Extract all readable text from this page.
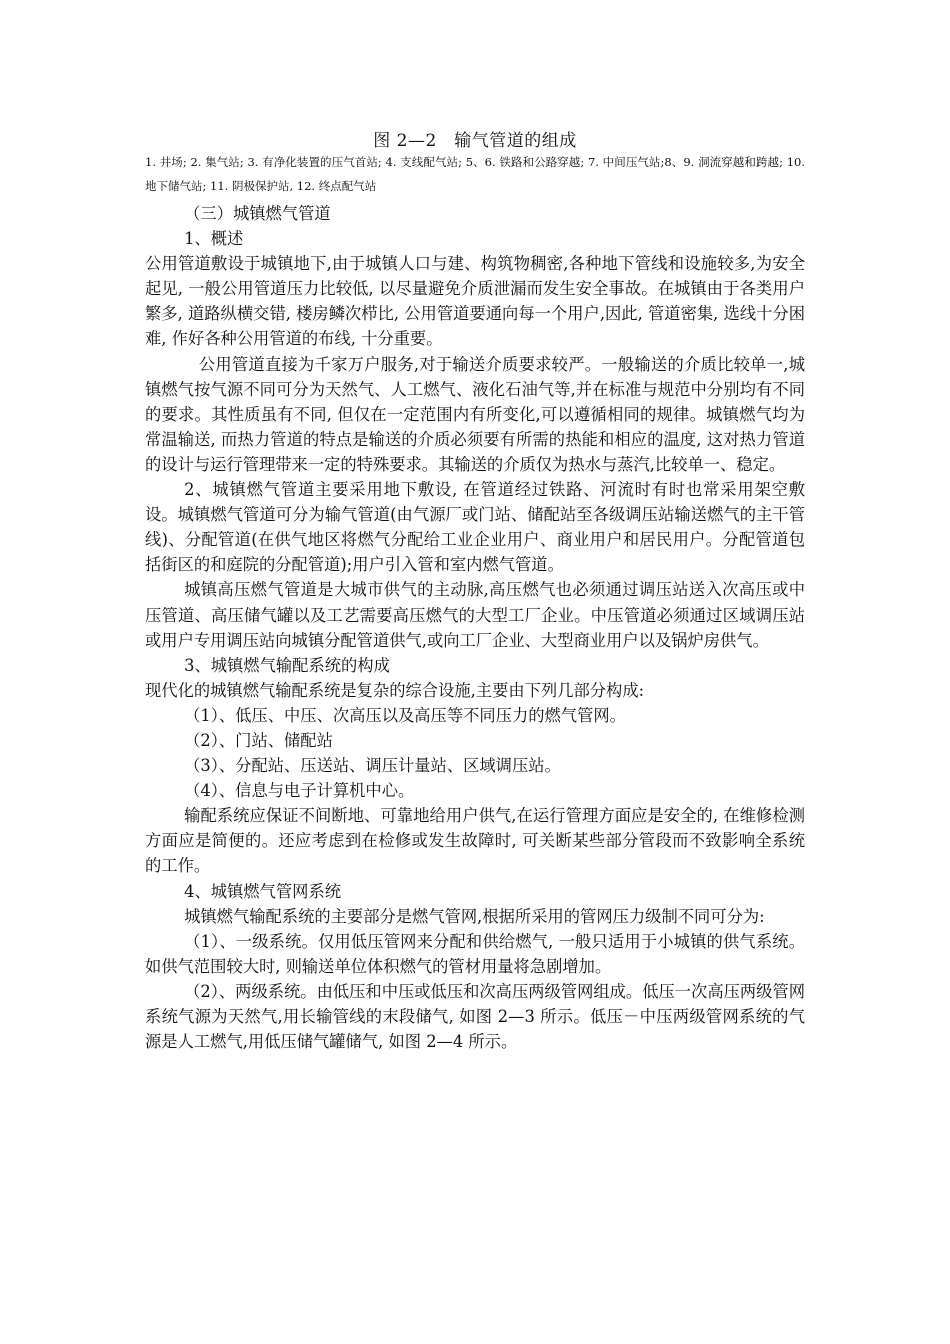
图 2—2　输气管道的组成
1. 井场; 2. 集气站; 3. 有净化装置的压气首站; 4. 支线配气站; 5、6. 铁路和公路穿越; 7. 中间压气站;8、9. 洞流穿越和跨越; 10. 地下储气站; 11. 阴极保护站, 12. 终点配气站

（三）城镇燃气管道

1、概述

公用管道敷设于城镇地下,由于城镇人口与建、构筑物稠密,各种地下管线和设施较多,为安全起见, 一般公用管道压力比较低, 以尽量避免介质泄漏而发生安全事故。在城镇由于各类用户繁多, 道路纵横交错, 楼房鳞次栉比, 公用管道要通向每一个用户,因此, 管道密集, 选线十分困难, 作好各种公用管道的布线, 十分重要。

公用管道直接为千家万户服务,对于输送介质要求较严。一般输送的介质比较单一,城镇燃气按气源不同可分为天然气、人工燃气、液化石油气等,并在标准与规范中分别均有不同的要求。其性质虽有不同, 但仅在一定范围内有所变化,可以遵循相同的规律。城镇燃气均为常温输送, 而热力管道的特点是输送的介质必须要有所需的热能和相应的温度, 这对热力管道的设计与运行管理带来一定的特殊要求。其输送的介质仅为热水与蒸汽,比较单一、稳定。

2、城镇燃气管道主要采用地下敷设, 在管道经过铁路、河流时有时也常采用架空敷设。城镇燃气管道可分为输气管道(由气源厂或门站、储配站至各级调压站输送燃气的主干管线)、分配管道(在供气地区将燃气分配给工业企业用户、商业用户和居民用户。分配管道包括街区的和庭院的分配管道);用户引入管和室内燃气管道。

城镇高压燃气管道是大城市供气的主动脉,高压燃气也必须通过调压站送入次高压或中压管道、高压储气罐以及工艺需要高压燃气的大型工厂企业。中压管道必须通过区域调压站或用户专用调压站向城镇分配管道供气,或向工厂企业、大型商业用户以及锅炉房供气。

3、城镇燃气输配系统的构成

现代化的城镇燃气输配系统是复杂的综合设施,主要由下列几部分构成:

（1）、低压、中压、次高压以及高压等不同压力的燃气管网。

（2）、门站、储配站

（3）、分配站、压送站、调压计量站、区域调压站。

（4）、信息与电子计算机中心。

输配系统应保证不间断地、可靠地给用户供气,在运行管理方面应是安全的, 在维修检测方面应是简便的。还应考虑到在检修或发生故障时, 可关断某些部分管段而不致影响全系统的工作。

4、城镇燃气管网系统

城镇燃气输配系统的主要部分是燃气管网,根据所采用的管网压力级制不同可分为:

（1）、一级系统。仅用低压管网来分配和供给燃气, 一般只适用于小城镇的供气系统。如供气范围较大时, 则输送单位体积燃气的管材用量将急剧增加。

（2）、两级系统。由低压和中压或低压和次高压两级管网组成。低压一次高压两级管网系统气源为天然气,用长输管线的末段储气, 如图 2—3 所示。低压－中压两级管网系统的气源是人工燃气,用低压储气罐储气, 如图 2—4 所示。
